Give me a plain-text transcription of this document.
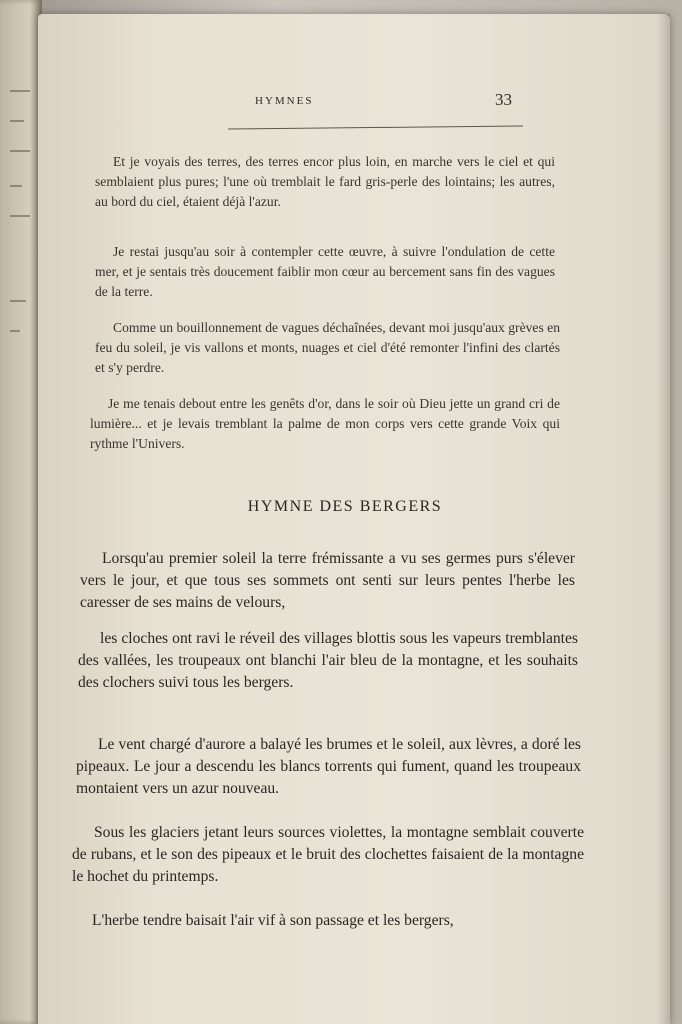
HYMNES	33

Et je voyais des terres, des terres encor plus loin, en marche vers le ciel et qui semblaient plus pures; l'une où tremblait le fard gris-perle des lointains; les autres, au bord du ciel, étaient déjà l'azur.

Je restai jusqu'au soir à contempler cette œuvre, à suivre l'ondulation de cette mer, et je sentais très doucement faiblir mon cœur au bercement sans fin des vagues de la terre.

Comme un bouillonnement de vagues déchaînées, devant moi jusqu'aux grèves en feu du soleil, je vis vallons et monts, nuages et ciel d'été remonter l'infini des clartés et s'y perdre.

Je me tenais debout entre les genêts d'or, dans le soir où Dieu jette un grand cri de lumière... et je levais tremblant la palme de mon corps vers cette grande Voix qui rythme l'Univers.

HYMNE DES BERGERS

Lorsqu'au premier soleil la terre frémissante a vu ses germes purs s'élever vers le jour, et que tous ses sommets ont senti sur leurs pentes l'herbe les caresser de ses mains de velours,

les cloches ont ravi le réveil des villages blottis sous les vapeurs tremblantes des vallées, les troupeaux ont blanchi l'air bleu de la montagne, et les souhaits des clochers suivi tous les bergers.

Le vent chargé d'aurore a balayé les brumes et le soleil, aux lèvres, a doré les pipeaux. Le jour a descendu les blancs torrents qui fument, quand les troupeaux montaient vers un azur nouveau.

Sous les glaciers jetant leurs sources violettes, la montagne semblait couverte de rubans, et le son des pipeaux et le bruit des clochettes faisaient de la montagne le hochet du printemps.

L'herbe tendre baisait l'air vif à son passage et les bergers,
